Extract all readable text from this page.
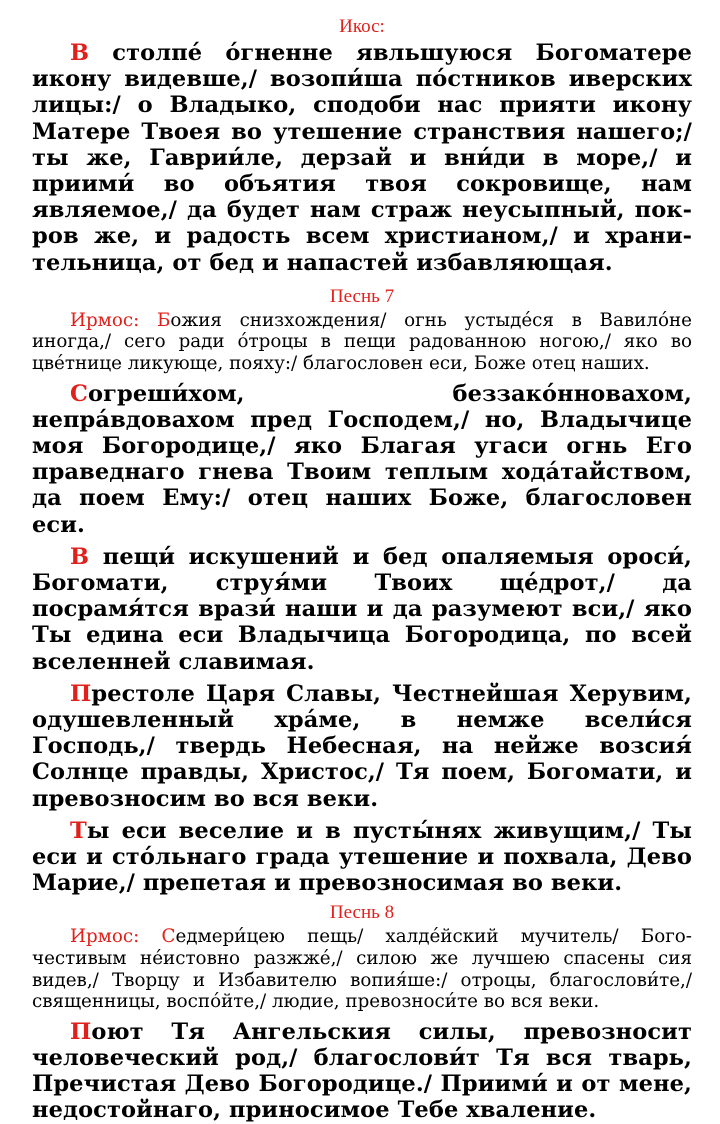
Икос:
В столпе́ о́гненне явльшуюся Богоматере икону видевше,/ возопи́ша по́стников иверских лицы:/ о Владыко, сподоби нас прияти икону Матере Твоея во утешение странствия нашего;/ ты же, Гаврии́ле, дерзай и вни́ди в море,/ и приими́ во объятия твоя сокровище, нам являемое,/ да будет нам страж неусыпный, покров же, и радость всем христианом,/ и хранительница, от бед и напастей избавляющая.
Песнь 7
Ирмос: Божия снизхождения/ огнь устыде́ся в Вавило́не иногда,/ сего ради о́троцы в пещи радованною ногою,/ яко во цве́тнице ликующе, пояху:/ благословен еси, Боже отец наших.
Согреши́хом, беззако́нновахом, непра́вдовахом пред Господем,/ но, Владычице моя Богородице,/ яко Благая угаси огнь Его праведнаго гнева Твоим теплым хода́тайством, да поем Ему:/ отец наших Боже, благословен еси.
В пещи́ искушений и бед опаляемыя ороси́, Богомати, струя́ми Твоих ще́дрот,/ да посрамя́тся врази́ наши и да разумеют вси,/ яко Ты едина еси Владычица Богородица, по всей вселенней славимая.
Престоле Царя Славы, Честнейшая Херувим, одушевленный хра́ме, в немже всели́ся Господь,/ твердь Небесная, на нейже возсия́ Солнце правды, Христос,/ Тя поем, Богомати, и превозносим во вся веки.
Ты еси веселие и в пусты́нях живущим,/ Ты еси и сто́льнаго града утешение и похвала, Дево Марие,/ препетая и превозносимая во веки.
Песнь 8
Ирмос: Седмери́цею пещь/ халде́йский мучитель/ Богочестивым не́истовно разжже́,/ силою же лучшею спасены сия видев,/ Творцу и Избавителю вопия́ше:/ отроцы, благослови́те,/ священницы, воспо́йте,/ людие, превозноси́те во вся веки.
Поют Тя Ангельския силы, превозносит человеческий род,/ благослови́т Тя вся тварь, Пречистая Дево Богородице./ Приими́ и от мене, недостойнаго, приносимое Тебе хваление.
